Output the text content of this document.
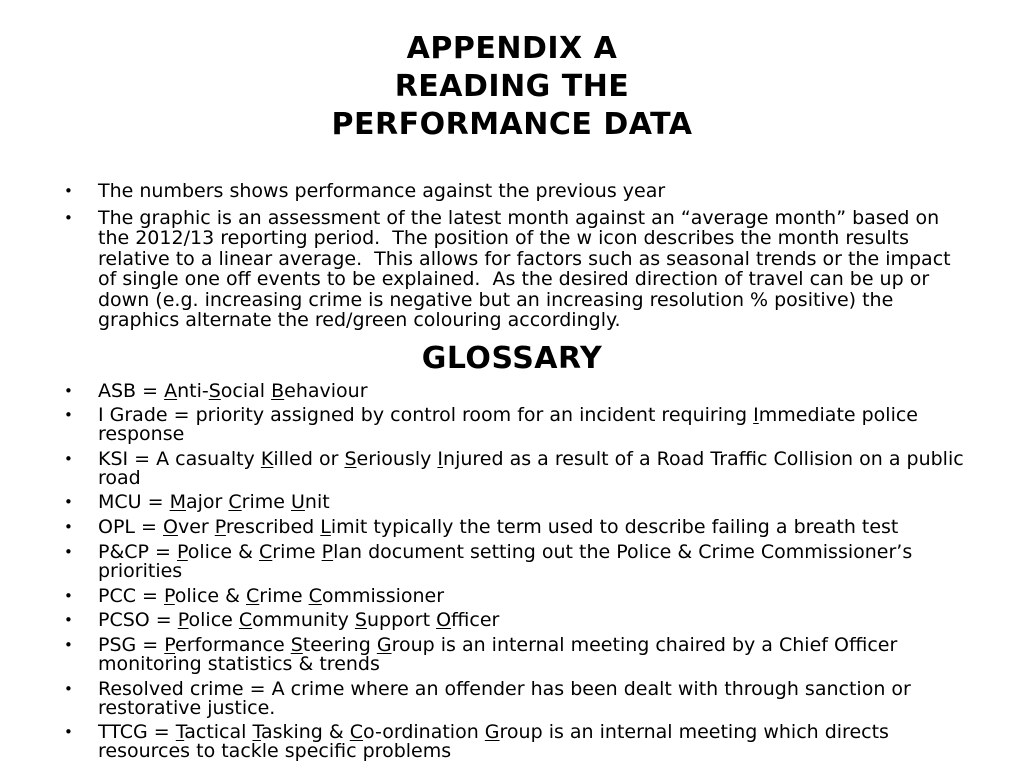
APPENDIX A
READING THE
PERFORMANCE DATA
•	The numbers shows performance against the previous year
•	The graphic is an assessment of the latest month against an “average month” based on the 2012/13 reporting period.  The position of the w icon describes the month results relative to a linear average.  This allows for factors such as seasonal trends or the impact of single one off events to be explained.  As the desired direction of travel can be up or down (e.g. increasing crime is negative but an increasing resolution % positive) the graphics alternate the red/green colouring accordingly.
GLOSSARY
•	ASB = Anti-Social Behaviour
•	I Grade = priority assigned by control room for an incident requiring Immediate police response
•	KSI = A casualty Killed or Seriously Injured as a result of a Road Traffic Collision on a public road
•	MCU = Major Crime Unit
•	OPL = Over Prescribed Limit typically the term used to describe failing a breath test
•	P&CP = Police & Crime Plan document setting out the Police & Crime Commissioner’s priorities
•	PCC = Police & Crime Commissioner
•	PCSO = Police Community Support Officer
•	PSG = Performance Steering Group is an internal meeting chaired by a Chief Officer monitoring statistics & trends
•	Resolved crime = A crime where an offender has been dealt with through sanction or restorative justice.
•	TTCG = Tactical Tasking & Co-ordination Group is an internal meeting which directs resources to tackle specific problems
